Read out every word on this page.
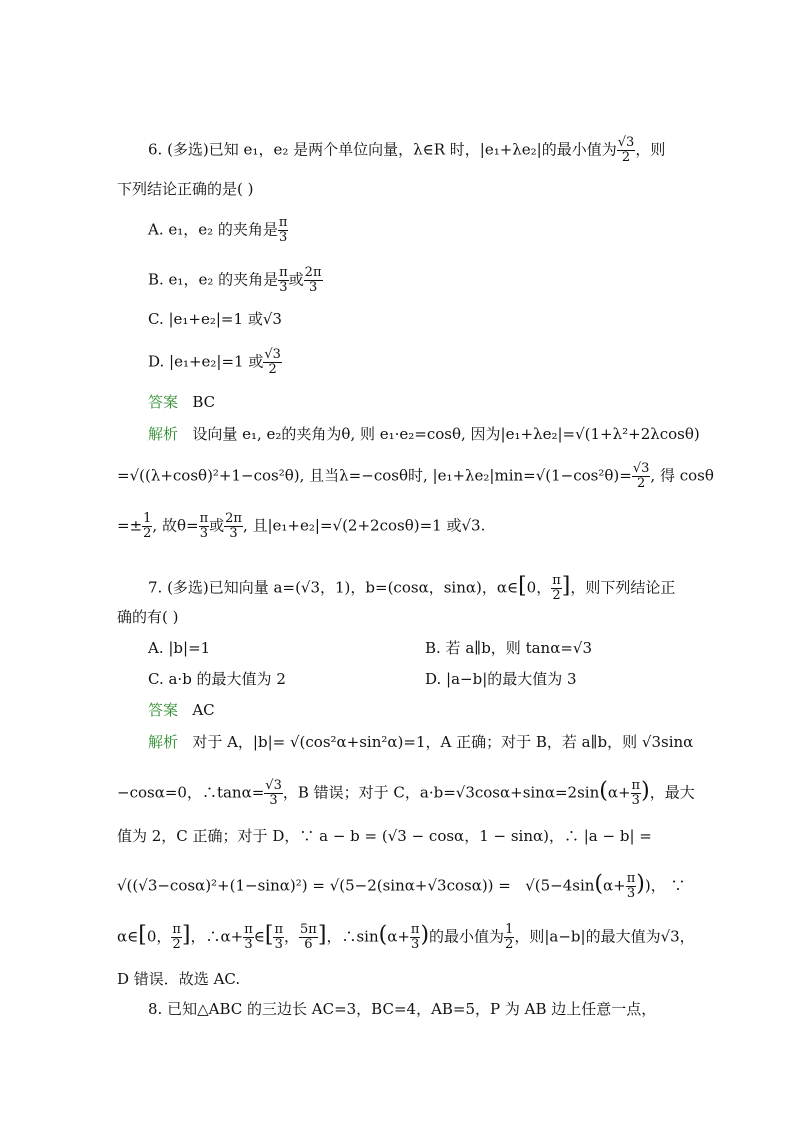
6. (多选)已知 e₁，e₂ 是两个单位向量，λ∈R 时，|e₁+λe₂|的最小值为 $\frac{√3}{2}$ ，则
下列结论正确的是( )
A. e₁，e₂ 的夹角是 $\frac{\pi}{3}$
B. e₁，e₂ 的夹角是 $\frac{\pi}{3}$ 或 $\frac{2\pi}{3}$
C. |e₁+e₂|=1 或√3
D. |e₁+e₂|=1 或 $\frac{√3}{2}$
答案 BC
解析 设向量 e₁, e₂的夹角为θ, 则 e₁·e₂=cosθ, 因为|e₁+λe₂|=√(1+λ²+2λcosθ)
=√((λ+cosθ)²+1−cos²θ), 且当λ=−cosθ时, $|e_1+\lambda e_2|\min=√(1-\cos^2\theta)= \frac{√3}{2}$ , 得 cosθ
=± $\frac{1}{2}$ , 故$\theta= \frac{\pi}{3}$ 或 $\frac{2\pi}{3}$ , 且|e₁+e₂|=√(2+2cosθ)=1 或√3.
7. (多选)已知向量 a=(√3，1)，b=(cosα，sinα)，α∈[0， $\frac{\pi}{2}$ ]，则下列结论正
确的有( )
A. |b|=1	B. 若 a∥b，则 tanα=√3
C. a·b 的最大值为 2	D. |a−b|的最大值为 3
答案 AC
解析 对于 A，|b|= √(cos²α+sin²α)=1，A 正确；对于 B，若 a∥b，则 √3sinα
−cosα=0，∴tanα= $\frac{√3}{3}$ ，B 错误；对于 C，$a\cdot b=√3\cos\alpha+\sin\alpha=2\sin(\alpha+ \frac{\pi}{3}$ )，最大
值为 2，C 正确；对于 D，∵ a − b = (√3 − cosα，1 − sinα)，∴ |a − b| =
$√((√3-\cos\alpha)^2+(1-\sin\alpha)^2) = √(5-2(\sin\alpha+√3\cos\alpha)) = √(5-4\sin(\alpha+ \frac{\pi}{3}$ ))， ∵
α∈[0， $\frac{\pi}{2}$ ]，∴α+ $\frac{\pi}{3}$ ∈[ $\frac{\pi}{3}$ ， $\frac{5\pi}{6}$ ]，∴sin(α+ $\frac{\pi}{3}$ )的最小值为 $\frac{1}{2}$ ，则|a−b|的最大值为√3，
D 错误．故选 AC.
8. 已知△ABC 的三边长 AC=3，BC=4，AB=5，P 为 AB 边上任意一点，
